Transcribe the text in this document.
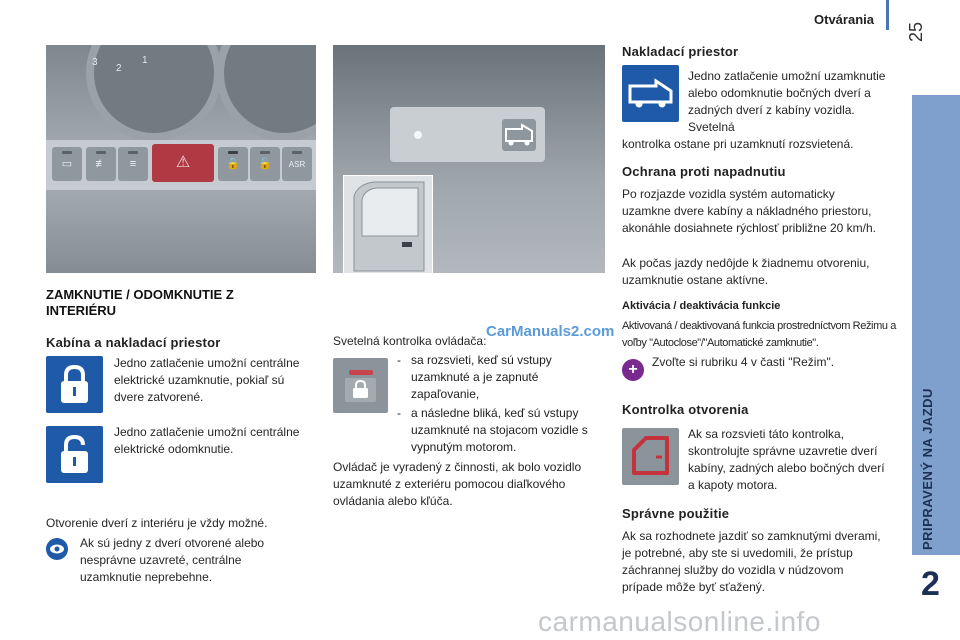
Otvárania
25
PRIPRAVENÝ NA JAZDU
2
3
2
1
▭	≢	≡	⚠	🔒	🔓	ASR
ZAMKNUTIE / ODOMKNUTIE Z INTERIÉRU
Kabína a nakladací priestor

Jedno zatlačenie umožní centrálne elektrické uzamknutie, pokiaľ sú dvere zatvorené.

Jedno zatlačenie umožní centrálne elektrické odomknutie.

Otvorenie dverí z interiéru je vždy možné.

Ak sú jedny z dverí otvorené alebo nesprávne uzavreté, centrálne uzamknutie neprebehne.

CarManuals2.com

Svetelná kontrolka ovládača:

- sa rozsvieti, keď sú vstupy uzamknuté a je zapnuté zapaľovanie,
- a následne bliká, keď sú vstupy uzamknuté na stojacom vozidle s vypnutým motorom.

Ovládač je vyradený z činnosti, ak bolo vozidlo uzamknuté z exteriéru pomocou diaľkového ovládania alebo kľúča.

Nakladací priestor

Jedno zatlačenie umožní uzamknutie alebo odomknutie bočných dverí a zadných dverí z kabíny vozidla. Svetelná

kontrolka ostane pri uzamknutí rozsvietená.

Ochrana proti napadnutiu

Po rozjazde vozidla systém automaticky uzamkne dvere kabíny a nákladného priestoru, akonáhle dosiahnete rýchlosť približne 20 km/h.

Ak počas jazdy nedôjde k žiadnemu otvoreniu, uzamknutie ostane aktívne.

Aktivácia / deaktivácia funkcie

Aktivovaná / deaktivovaná funkcia prostredníctvom Režimu a voľby "Autoclose"/"Automatické zamknutie".

+	Zvoľte si rubriku 4 v časti "Režim".

Kontrolka otvorenia

Ak sa rozsvieti táto kontrolka, skontrolujte správne uzavretie dverí kabíny, zadných alebo bočných dverí a kapoty motora.

Správne použitie

Ak sa rozhodnete jazdiť so zamknutými dverami, je potrebné, aby ste si uvedomili, že prístup záchrannej služby do vozidla v núdzovom prípade môže byť sťažený.

carmanualsonline.info
